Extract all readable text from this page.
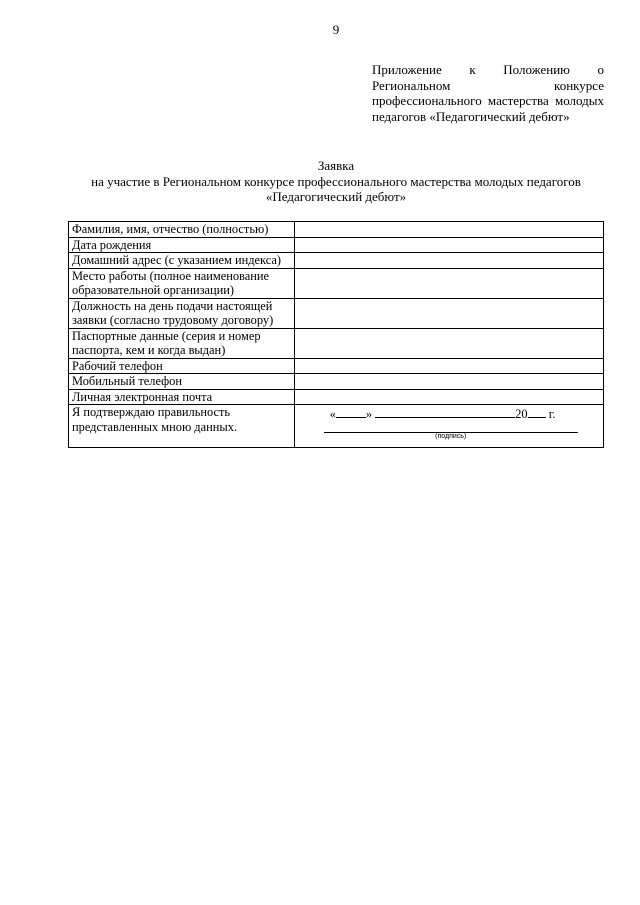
9
Приложение к Положению о Региональном конкурсе профессионального мастерства молодых педагогов «Педагогический дебют»
Заявка
на участие в Региональном конкурсе профессионального мастерства молодых педагогов
«Педагогический дебют»
Фамилия, имя, отчество (полностью)	
Дата рождения	
Домашний адрес (с указанием индекса)	
Место работы (полное наименование образовательной организации)	
Должность на день подачи настоящей заявки (согласно трудовому договору)	
Паспортные данные (серия и номер паспорта, кем и когда выдан)	
Рабочий телефон	
Мобильный телефон	
Личная электронная почта	
Я подтверждаю правильность представленных мною данных.	« » 20 г.
(подпись)
